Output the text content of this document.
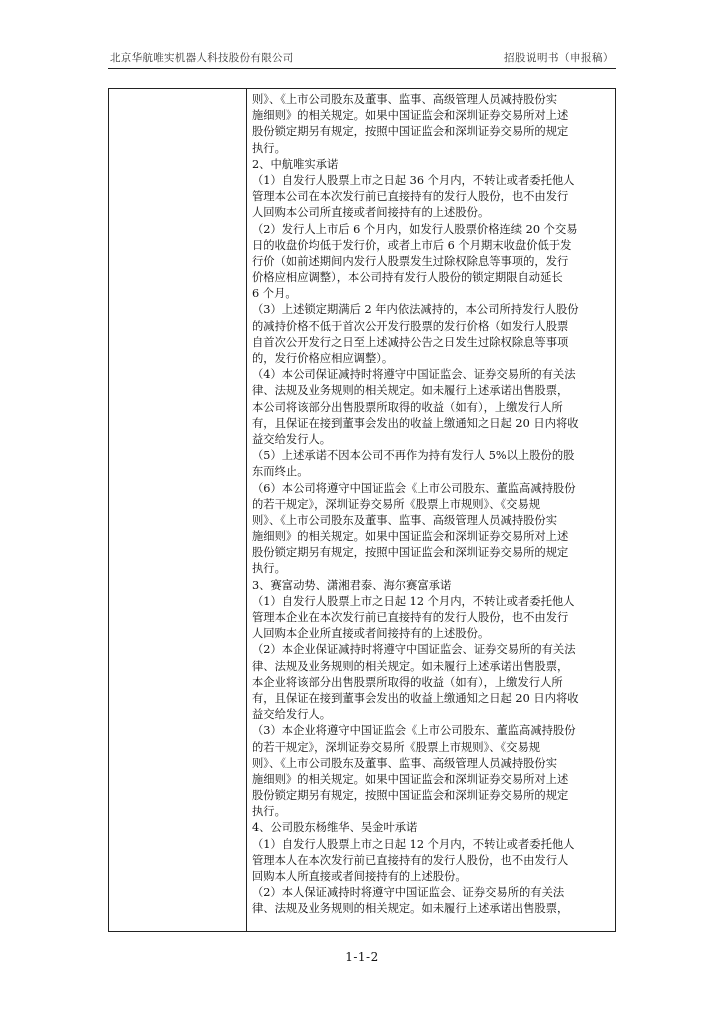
北京华航唯实机器人科技股份有限公司	招股说明书（申报稿）
则》、《上市公司股东及董事、监事、高级管理人员减持股份实
施细则》的相关规定。如果中国证监会和深圳证券交易所对上述
股份锁定期另有规定，按照中国证监会和深圳证券交易所的规定
执行。
2、中航唯实承诺
（1）自发行人股票上市之日起 36 个月内，不转让或者委托他人
管理本公司在本次发行前已直接持有的发行人股份，也不由发行
人回购本公司所直接或者间接持有的上述股份。
（2）发行人上市后 6 个月内，如发行人股票价格连续 20 个交易
日的收盘价均低于发行价，或者上市后 6 个月期末收盘价低于发
行价（如前述期间内发行人股票发生过除权除息等事项的，发行
价格应相应调整），本公司持有发行人股份的锁定期限自动延长
6 个月。
（3）上述锁定期满后 2 年内依法减持的，本公司所持发行人股份
的减持价格不低于首次公开发行股票的发行价格（如发行人股票
自首次公开发行之日至上述减持公告之日发生过除权除息等事项
的，发行价格应相应调整）。
（4）本公司保证减持时将遵守中国证监会、证券交易所的有关法
律、法规及业务规则的相关规定。如未履行上述承诺出售股票，
本公司将该部分出售股票所取得的收益（如有），上缴发行人所
有，且保证在接到董事会发出的收益上缴通知之日起 20 日内将收
益交给发行人。
（5）上述承诺不因本公司不再作为持有发行人 5%以上股份的股
东而终止。
（6）本公司将遵守中国证监会《上市公司股东、董监高减持股份
的若干规定》，深圳证券交易所《股票上市规则》、《交易规
则》、《上市公司股东及董事、监事、高级管理人员减持股份实
施细则》的相关规定。如果中国证监会和深圳证券交易所对上述
股份锁定期另有规定，按照中国证监会和深圳证券交易所的规定
执行。
3、赛富动势、潇湘君泰、海尔赛富承诺
（1）自发行人股票上市之日起 12 个月内，不转让或者委托他人
管理本企业在本次发行前已直接持有的发行人股份，也不由发行
人回购本企业所直接或者间接持有的上述股份。
（2）本企业保证减持时将遵守中国证监会、证券交易所的有关法
律、法规及业务规则的相关规定。如未履行上述承诺出售股票，
本企业将该部分出售股票所取得的收益（如有），上缴发行人所
有，且保证在接到董事会发出的收益上缴通知之日起 20 日内将收
益交给发行人。
（3）本企业将遵守中国证监会《上市公司股东、董监高减持股份
的若干规定》，深圳证券交易所《股票上市规则》、《交易规
则》、《上市公司股东及董事、监事、高级管理人员减持股份实
施细则》的相关规定。如果中国证监会和深圳证券交易所对上述
股份锁定期另有规定，按照中国证监会和深圳证券交易所的规定
执行。
4、公司股东杨维华、吴金叶承诺
（1）自发行人股票上市之日起 12 个月内，不转让或者委托他人
管理本人在本次发行前已直接持有的发行人股份，也不由发行人
回购本人所直接或者间接持有的上述股份。
（2）本人保证减持时将遵守中国证监会、证券交易所的有关法
律、法规及业务规则的相关规定。如未履行上述承诺出售股票，
1-1-2
